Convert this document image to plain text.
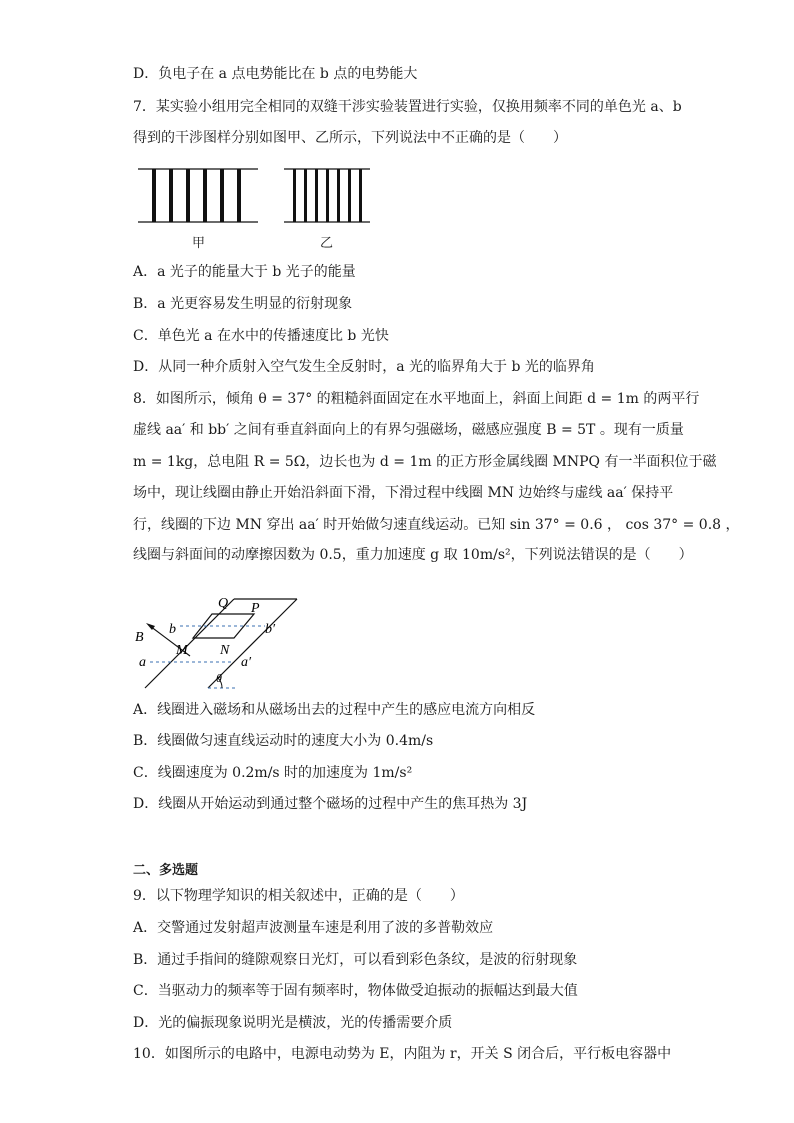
D．负电子在 a 点电势能比在 b 点的电势能大
7．某实验小组用完全相同的双缝干涉实验装置进行实验，仅换用频率不同的单色光 a、b
得到的干涉图样分别如图甲、乙所示，下列说法中不正确的是（　　）
甲	乙
A．a 光子的能量大于 b 光子的能量
B．a 光更容易发生明显的衍射现象
C．单色光 a 在水中的传播速度比 b 光快
D．从同一种介质射入空气发生全反射时，a 光的临界角大于 b 光的临界角
8．如图所示，倾角 θ = 37° 的粗糙斜面固定在水平地面上，斜面上间距 d = 1m 的两平行
虚线 aa′ 和 bb′ 之间有垂直斜面向上的有界匀强磁场，磁感应强度 B = 5T 。现有一质量
m = 1kg，总电阻 R = 5Ω，边长也为 d = 1m 的正方形金属线圈 MNPQ 有一半面积位于磁
场中，现让线圈由静止开始沿斜面下滑，下滑过程中线圈 MN 边始终与虚线 aa′ 保持平
行，线圈的下边 MN 穿出 aa′ 时开始做匀速直线运动。已知 sin 37° = 0.6 ， cos 37° = 0.8 ，
线圈与斜面间的动摩擦因数为 0.5，重力加速度 g 取 10m/s²，下列说法错误的是（　　）
Q P
b	b′
B
M N
a	a′
θ
A．线圈进入磁场和从磁场出去的过程中产生的感应电流方向相反
B．线圈做匀速直线运动时的速度大小为 0.4m/s
C．线圈速度为 0.2m/s 时的加速度为 1m/s²
D．线圈从开始运动到通过整个磁场的过程中产生的焦耳热为 3J
二、多选题
9．以下物理学知识的相关叙述中，正确的是（　　）
A．交警通过发射超声波测量车速是利用了波的多普勒效应
B．通过手指间的缝隙观察日光灯，可以看到彩色条纹，是波的衍射现象
C．当驱动力的频率等于固有频率时，物体做受迫振动的振幅达到最大值
D．光的偏振现象说明光是横波，光的传播需要介质
10．如图所示的电路中，电源电动势为 E，内阻为 r，开关 S 闭合后，平行板电容器中
